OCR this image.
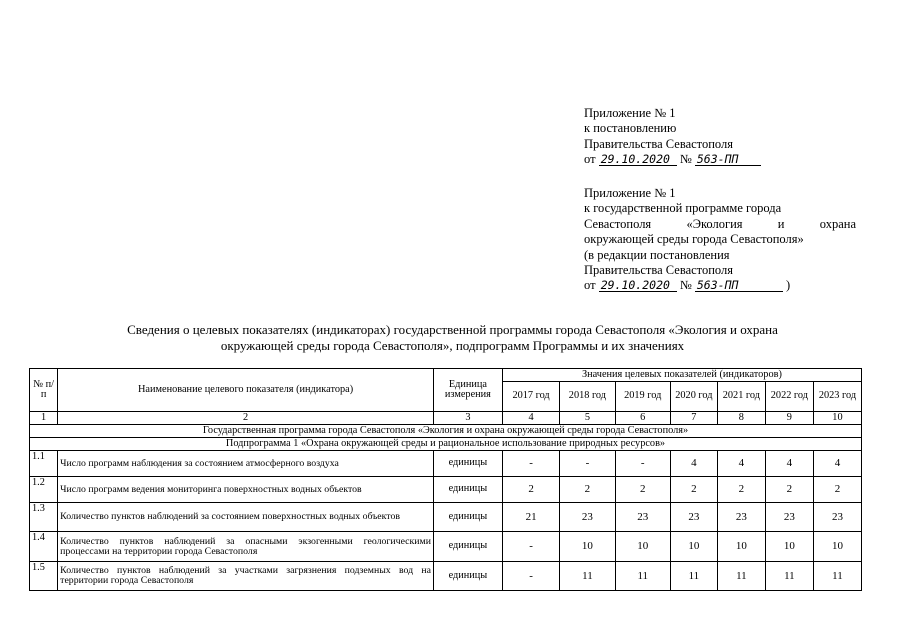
Приложение № 1
к постановлению
Правительства Севастополя
от 29.10.2020 № 563-ПП
Приложение № 1
к государственной программе города
Севастополя «Экология и охрана
окружающей среды города Севастополя»
(в редакции постановления
Правительства Севастополя
от 29.10.2020 № 563-ПП	)
Сведения о целевых показателях (индикаторах) государственной программы города Севастополя «Экология и охрана
окружающей среды города Севастополя», подпрограмм Программы и их значениях
№ п/п	Наименование целевого показателя (индикатора)	Единица измерения	Значения целевых показателей (индикаторов)						
			2017 год	2018 год	2019 год	2020 год	2021 год	2022 год	2023 год
1	2	3	4	5	6	7	8	9	10
Государственная программа города Севастополя «Экология и охрана окружающей среды города Севастополя»									
Подпрограмма 1 «Охрана окружающей среды и рациональное использование природных ресурсов»									
1.1	Число программ наблюдения за состоянием атмосферного воздуха	единицы	-	-	-	4	4	4	4
1.2	Число программ ведения мониторинга поверхностных водных объектов	единицы	2	2	2	2	2	2	2
1.3	Количество пунктов наблюдений за состоянием поверхностных водных объектов	единицы	21	23	23	23	23	23	23
1.4	Количество пунктов наблюдений за опасными экзогенными геологическими процессами на территории города Севастополя	единицы	-	10	10	10	10	10	10
1.5	Количество пунктов наблюдений за участками загрязнения подземных вод на территории города Севастополя	единицы	-	11	11	11	11	11	11
